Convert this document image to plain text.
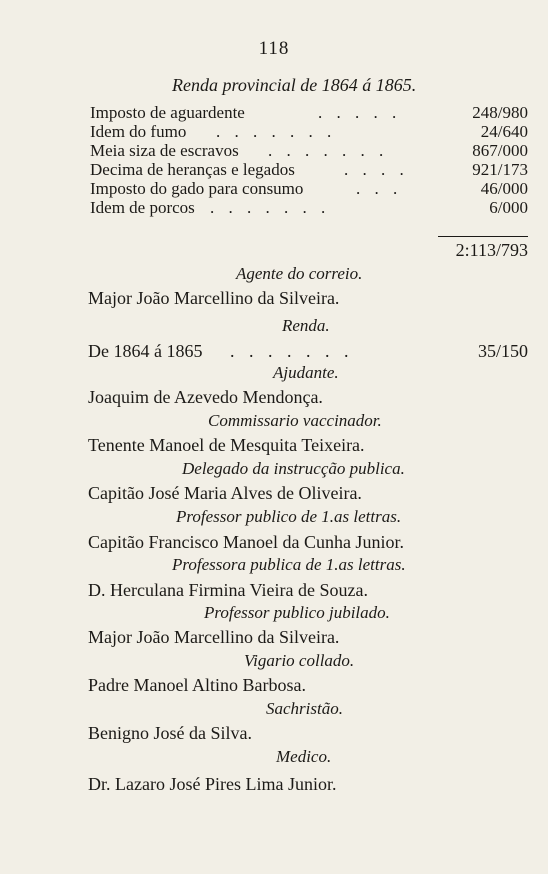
118
Renda provincial de 1864 á 1865.
Imposto de aguardente	. . . . .	248/980
Idem do fumo . . . . . . .	24/640
Meia siza de escravos . . . . . . .	867/000
Decima de heranças e legados	. . . .	921/173
Imposto do gado para consumo	. . .	46/000
Idem de porcos . . . . . . .	6/000
2:113/793
Agente do correio.
Major João Marcellino da Silveira.
Renda.
De 1864 á 1865 . . . . . . .	35/150
Ajudante.
Joaquim de Azevedo Mendonça.
Commissario vaccinador.
Tenente Manoel de Mesquita Teixeira.
Delegado da instrucção publica.
Capitão José Maria Alves de Oliveira.
Professor publico de 1.as lettras.
Capitão Francisco Manoel da Cunha Junior.
Professora publica de 1.as lettras.
D. Herculana Firmina Vieira de Souza.
Professor publico jubilado.
Major João Marcellino da Silveira.
Vigario collado.
Padre Manoel Altino Barbosa.
Sachristão.
Benigno José da Silva.
Medico.
Dr. Lazaro José Pires Lima Junior.
